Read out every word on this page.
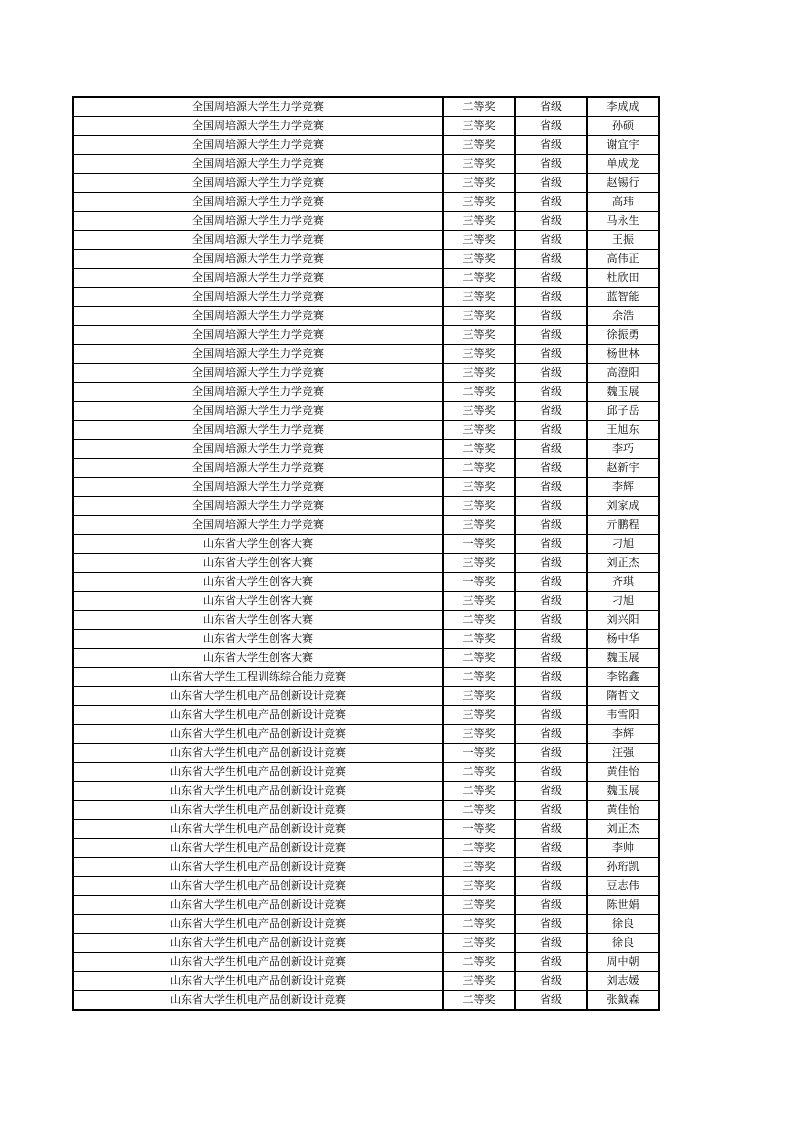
全国周培源大学生力学竞赛	二等奖	省级	李成成
全国周培源大学生力学竞赛	三等奖	省级	孙硕
全国周培源大学生力学竞赛	三等奖	省级	谢宜宇
全国周培源大学生力学竞赛	三等奖	省级	单成龙
全国周培源大学生力学竞赛	三等奖	省级	赵锡行
全国周培源大学生力学竞赛	三等奖	省级	高玮
全国周培源大学生力学竞赛	三等奖	省级	马永生
全国周培源大学生力学竞赛	三等奖	省级	王振
全国周培源大学生力学竞赛	三等奖	省级	高伟正
全国周培源大学生力学竞赛	二等奖	省级	杜欣田
全国周培源大学生力学竞赛	三等奖	省级	蓝智能
全国周培源大学生力学竞赛	三等奖	省级	余浩
全国周培源大学生力学竞赛	三等奖	省级	徐振勇
全国周培源大学生力学竞赛	三等奖	省级	杨世林
全国周培源大学生力学竞赛	三等奖	省级	高澄阳
全国周培源大学生力学竞赛	二等奖	省级	魏玉展
全国周培源大学生力学竞赛	三等奖	省级	邱子岳
全国周培源大学生力学竞赛	三等奖	省级	王旭东
全国周培源大学生力学竞赛	二等奖	省级	李巧
全国周培源大学生力学竞赛	二等奖	省级	赵新宇
全国周培源大学生力学竞赛	三等奖	省级	李辉
全国周培源大学生力学竞赛	三等奖	省级	刘家成
全国周培源大学生力学竞赛	三等奖	省级	亓鹏程
山东省大学生创客大赛	一等奖	省级	刁旭
山东省大学生创客大赛	三等奖	省级	刘正杰
山东省大学生创客大赛	一等奖	省级	齐琪
山东省大学生创客大赛	三等奖	省级	刁旭
山东省大学生创客大赛	二等奖	省级	刘兴阳
山东省大学生创客大赛	二等奖	省级	杨中华
山东省大学生创客大赛	二等奖	省级	魏玉展
山东省大学生工程训练综合能力竞赛	二等奖	省级	李铭鑫
山东省大学生机电产品创新设计竞赛	三等奖	省级	隋哲文
山东省大学生机电产品创新设计竞赛	三等奖	省级	韦雪阳
山东省大学生机电产品创新设计竞赛	三等奖	省级	李辉
山东省大学生机电产品创新设计竞赛	一等奖	省级	汪强
山东省大学生机电产品创新设计竞赛	二等奖	省级	黄佳怡
山东省大学生机电产品创新设计竞赛	二等奖	省级	魏玉展
山东省大学生机电产品创新设计竞赛	二等奖	省级	黄佳怡
山东省大学生机电产品创新设计竞赛	一等奖	省级	刘正杰
山东省大学生机电产品创新设计竞赛	二等奖	省级	李帅
山东省大学生机电产品创新设计竞赛	三等奖	省级	孙珩凯
山东省大学生机电产品创新设计竞赛	三等奖	省级	豆志伟
山东省大学生机电产品创新设计竞赛	三等奖	省级	陈世娟
山东省大学生机电产品创新设计竞赛	二等奖	省级	徐良
山东省大学生机电产品创新设计竞赛	三等奖	省级	徐良
山东省大学生机电产品创新设计竞赛	二等奖	省级	周中朝
山东省大学生机电产品创新设计竞赛	三等奖	省级	刘志媛
山东省大学生机电产品创新设计竞赛	二等奖	省级	张鉞森
